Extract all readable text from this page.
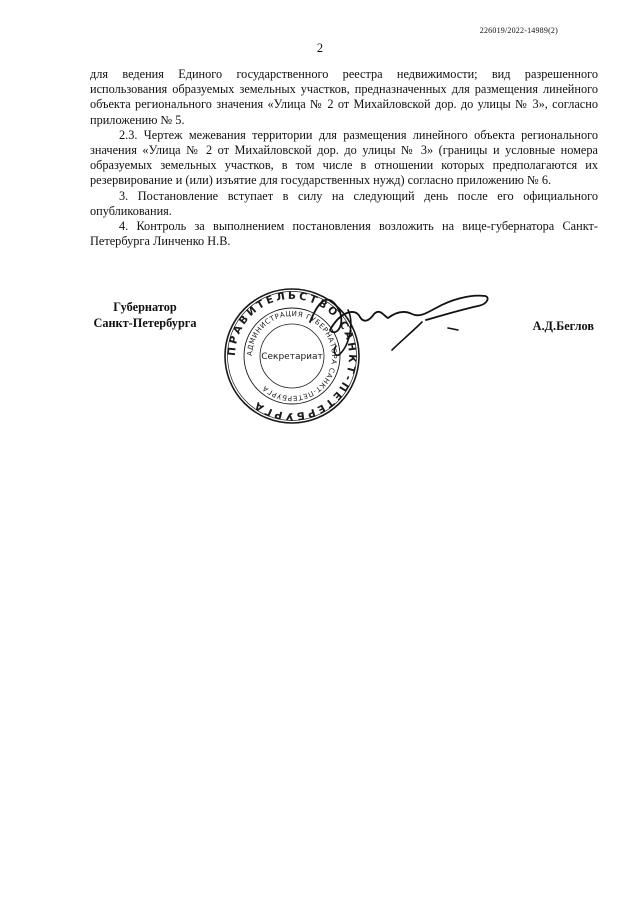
226019/2022-14989(2)
2

для ведения Единого государственного реестра недвижимости; вид разрешенного использования образуемых земельных участков, предназначенных для размещения линейного объекта регионального значения «Улица № 2 от Михайловской дор. до улицы № 3», согласно приложению № 5.

2.3. Чертеж межевания территории для размещения линейного объекта регионального значения «Улица № 2 от Михайловской дор. до улицы № 3» (границы и условные номера образуемых земельных участков, в том числе в отношении которых предполагаются их резервирование и (или) изъятие для государственных нужд) согласно приложению № 6.

3. Постановление вступает в силу на следующий день после его официального опубликования.

4. Контроль за выполнением постановления возложить на вице-губернатора Санкт-Петербурга Линченко Н.В.

Губернатор
Санкт-Петербурга
ПРАВИТЕЛЬСТВО САНКТ-ПЕТЕРБУРГА
АДМИНИСТРАЦИЯ ГУБЕРНАТОРА САНКТ-ПЕТЕРБУРГА
Секретариат
А.Д.Беглов
